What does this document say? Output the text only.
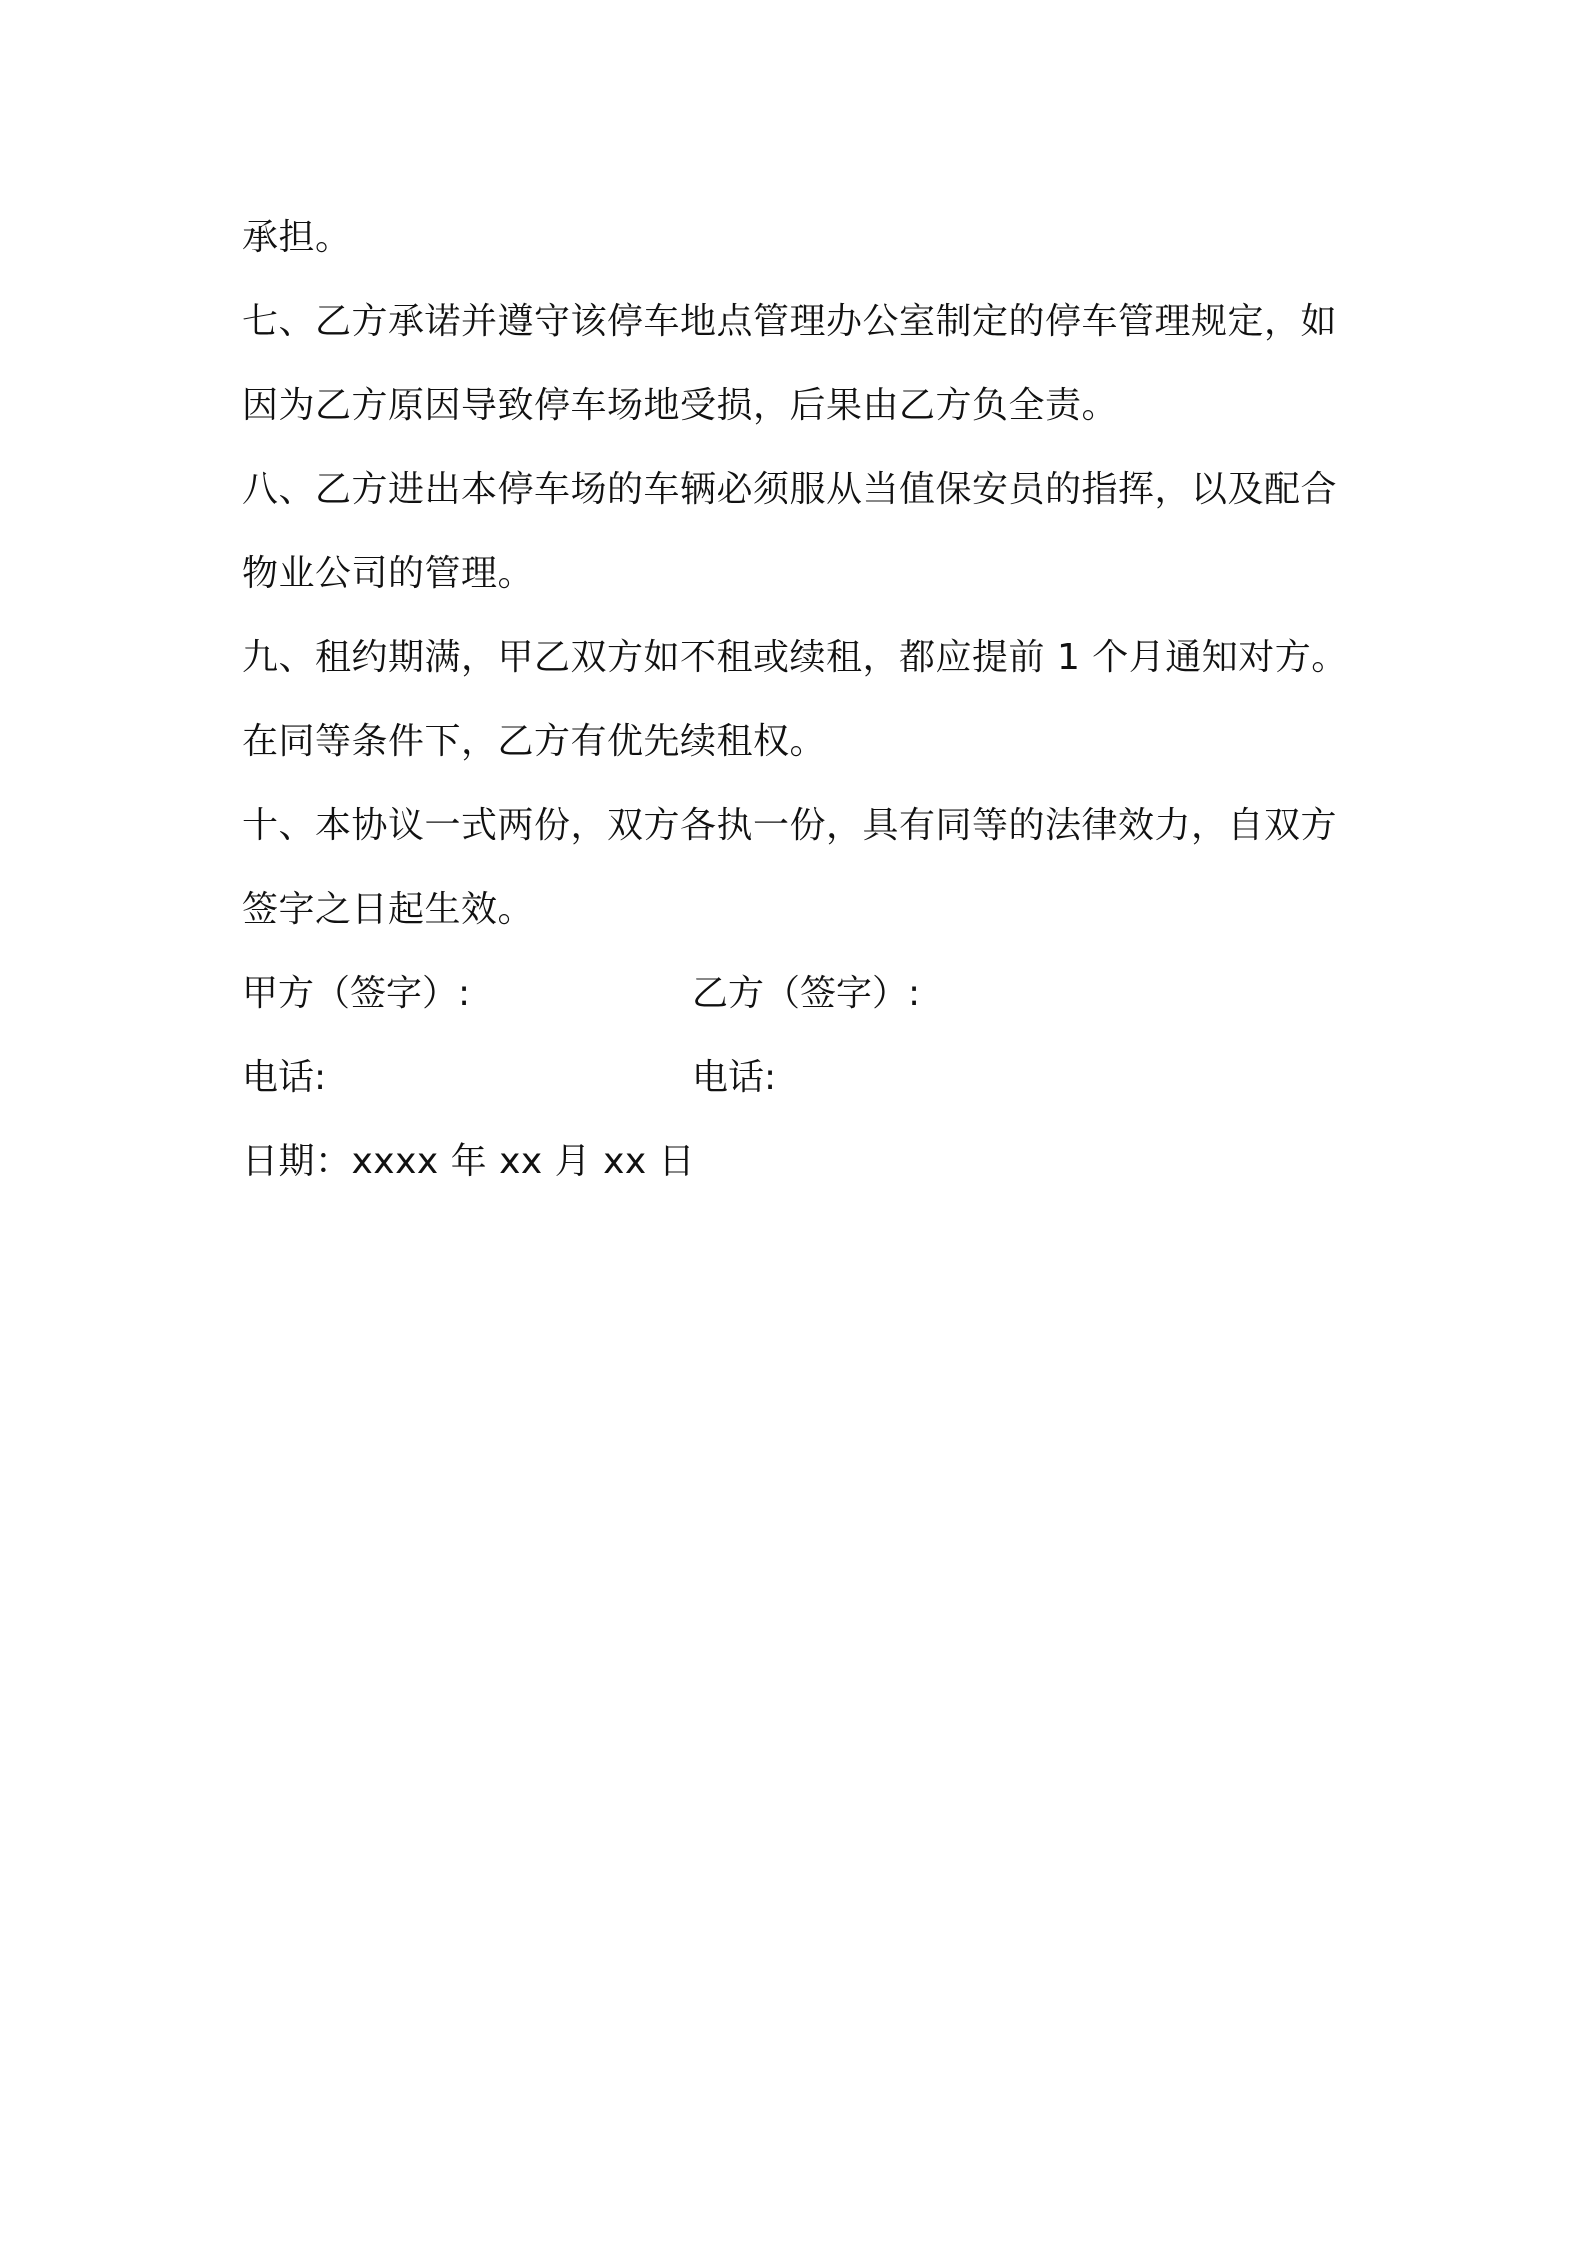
承担。
七、乙方承诺并遵守该停车地点管理办公室制定的停车管理规定，如
因为乙方原因导致停车场地受损，后果由乙方负全责。
八、乙方进出本停车场的车辆必须服从当值保安员的指挥，以及配合
物业公司的管理。
九、租约期满，甲乙双方如不租或续租，都应提前 1 个月通知对方。
在同等条件下，乙方有优先续租权。
十、本协议一式两份，双方各执一份，具有同等的法律效力，自双方
签字之日起生效。
甲方（签字）:	乙方（签字）:
电话:	电话:
日期：xxxx 年 xx 月 xx 日
